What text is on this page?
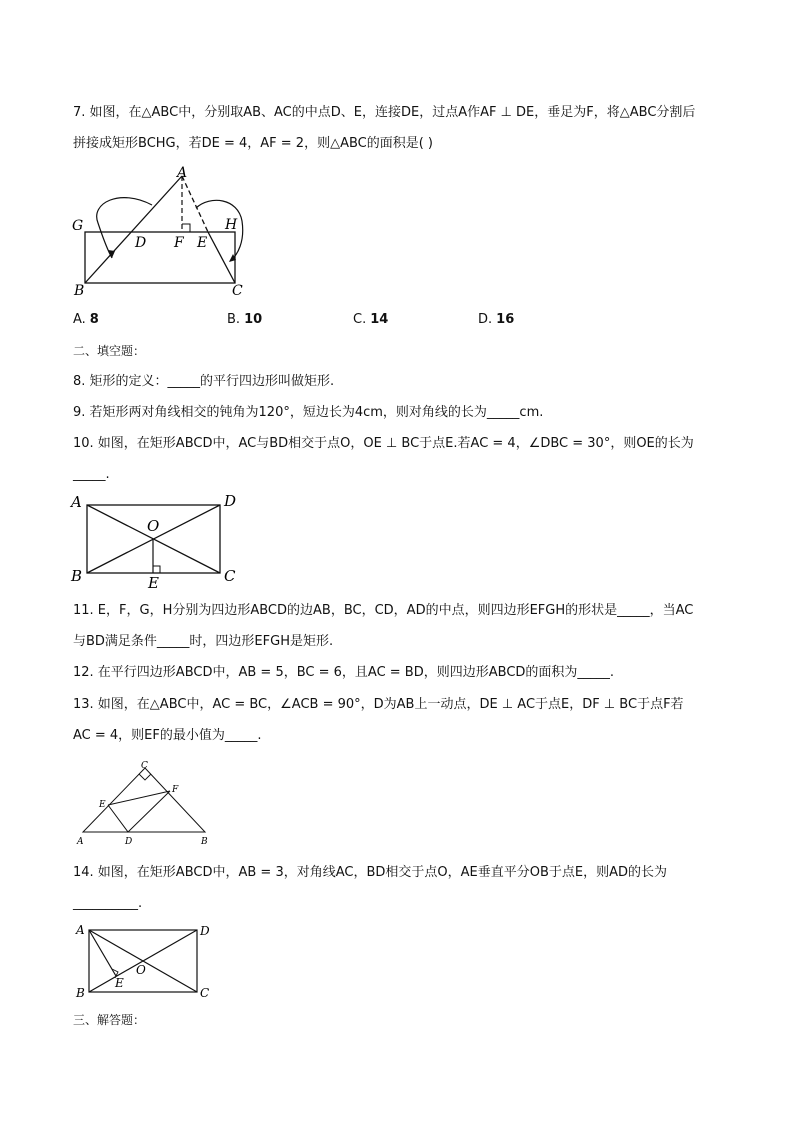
7. 如图，在△ABC中，分别取AB、AC的中点D、E，连接DE，过点A作AF ⊥ DE，垂足为F，将△ABC分割后
拼接成矩形BCHG，若DE = 4，AF = 2，则△ABC的面积是( )
A
G	H
D F E
B	C
A. 8	B. 10	C. 14	D. 16
二、填空题：
8. 矩形的定义：_____的平行四边形叫做矩形.
9. 若矩形两对角线相交的钝角为120°，短边长为4cm，则对角线的长为_____cm.
10. 如图，在矩形ABCD中，AC与BD相交于点O，OE ⊥ BC于点E.若AC = 4，∠DBC = 30°，则OE的长为
_____.
A	D
O
B	E	C
11. E，F，G，H分别为四边形ABCD的边AB，BC，CD，AD的中点，则四边形EFGH的形状是_____，当AC
与BD满足条件_____时，四边形EFGH是矩形.
12. 在平行四边形ABCD中，AB = 5，BC = 6，且AC = BD，则四边形ABCD的面积为_____.
13. 如图，在△ABC中，AC = BC，∠ACB = 90°，D为AB上一动点，DE ⊥ AC于点E，DF ⊥ BC于点F若
AC = 4，则EF的最小值为_____.
C
E
F
A	D	B
14. 如图，在矩形ABCD中，AB = 3，对角线AC，BD相交于点O，AE垂直平分OB于点E，则AD的长为
__________.
A	D
O
E
B	C
三、解答题：
